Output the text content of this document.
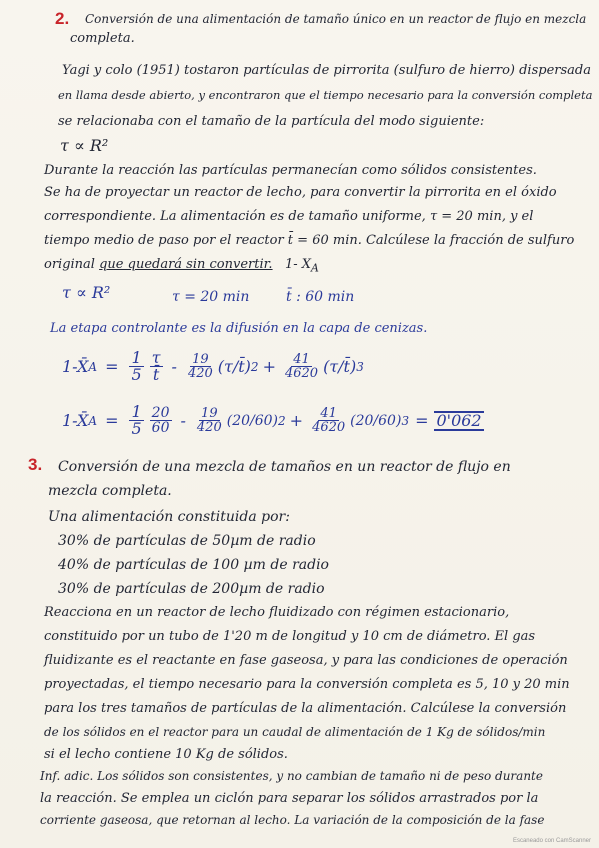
2. Conversión de una alimentación de tamaño único en un reactor de flujo en mezcla
completa.
Yagi y colo (1951) tostaron partículas de pirrorita (sulfuro de hierro) dispersada
en llama desde abierto, y encontraron que el tiempo necesario para la conversión completa
se relacionaba con el tamaño de la partícula del modo siguiente:
τ ∝ R²
Durante la reacción las partículas permanecían como sólidos consistentes.
Se ha de proyectar un reactor de lecho, para convertir la pirrorita en el óxido
correspondiente. La alimentación es de tamaño uniforme, τ = 20 min, y el
tiempo medio de paso por el reactor t̄ = 60 min. Calcúlese la fracción de sulfuro
original que quedará sin convertir. 1- $X_A$
τ ∝ R²	τ = 20 min	t̄ : 60 min
La etapa controlante es la difusión en la capa de cenizas.
1-X̄ $A = \frac{1}{5} \frac{\tau}{t̄} - \frac{19}{420}$ (τ/t̄) $2 + \frac{41}{4620}$ (τ/t̄) 3
1-X̄ $A = \frac{1}{5} \frac{20}{60} - \frac{19}{420} (20/60) 2 + \frac{41}{4620} (20/60) 3 = 0'062$
3. Conversión de una mezcla de tamaños en un reactor de flujo en
mezcla completa.
Una alimentación constituida por:
30% de partículas de 50µm de radio
40% de partículas de 100 µm de radio
30% de partículas de 200µm de radio
Reacciona en un reactor de lecho fluidizado con régimen estacionario,
constituido por un tubo de 1'20 m de longitud y 10 cm de diámetro. El gas
fluidizante es el reactante en fase gaseosa, y para las condiciones de operación
proyectadas, el tiempo necesario para la conversión completa es 5, 10 y 20 min
para los tres tamaños de partículas de la alimentación. Calcúlese la conversión
de los sólidos en el reactor para un caudal de alimentación de 1 Kg de sólidos/min
si el lecho contiene 10 Kg de sólidos.
Inf. adic. Los sólidos son consistentes, y no cambian de tamaño ni de peso durante
la reacción. Se emplea un ciclón para separar los sólidos arrastrados por la
corriente gaseosa, que retornan al lecho. La variación de la composición de la fase
Escaneado con CamScanner
